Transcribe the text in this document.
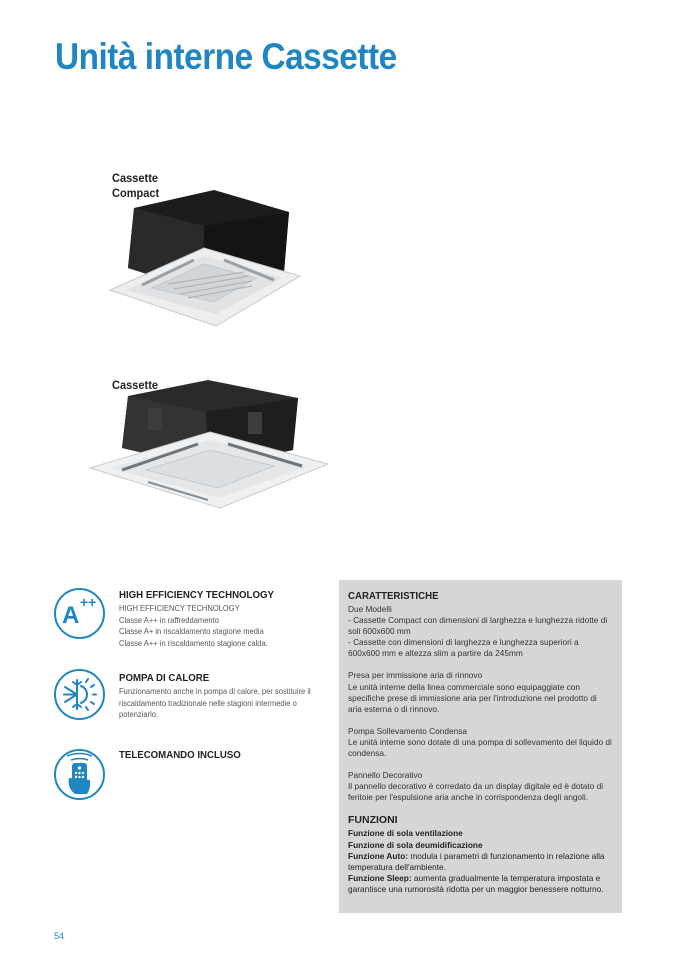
Unità interne Cassette
Cassette
Compact
Cassette
A ++ HIGH EFFICIENCY TECHNOLOGY
HIGH EFFICIENCY TECHNOLOGY
Classe A++ in raffreddamento
Classe A+ in riscaldamento stagione media
Classe A++ in riscaldamento stagione calda.
POMPA DI CALORE
Funzionamento anche in pompa di calore, per sostituire il riscaldamento tradizionale nelle stagioni intermedie o potenziarlo.
TELECOMANDO INCLUSO
CARATTERISTICHE
Due Modelli
- Cassette Compact con dimensioni di larghezza e lunghezza ridotte di soli 600x600 mm
- Cassette con dimensioni di larghezza e lunghezza superiori a 600x600 mm e altezza slim a partire da 245mm
Presa per immissione aria di rinnovo
Le unità interne della linea commerciale sono equipaggiate con specifiche prese di immissione aria per l'introduzione nel prodotto di aria esterna o di rinnovo.
Pompa Sollevamento Condensa
Le unità interne sono dotate di una pompa di sollevamento del liquido di condensa.
Pannello Decorativo
Il pannello decorativo è corredato da un display digitale ed è dotato di feritoie per l'espulsione aria anche in corrispondenza degli angoli.
FUNZIONI
Funzione di sola ventilazione
Funzione di sola deumidificazione
Funzione Auto: modula i parametri di funzionamento in relazione alla temperatura dell'ambiente.
Funzione Sleep: aumenta gradualmente la temperatura impostata e garantisce una rumorosità ridotta per un maggior benessere notturno.
54
